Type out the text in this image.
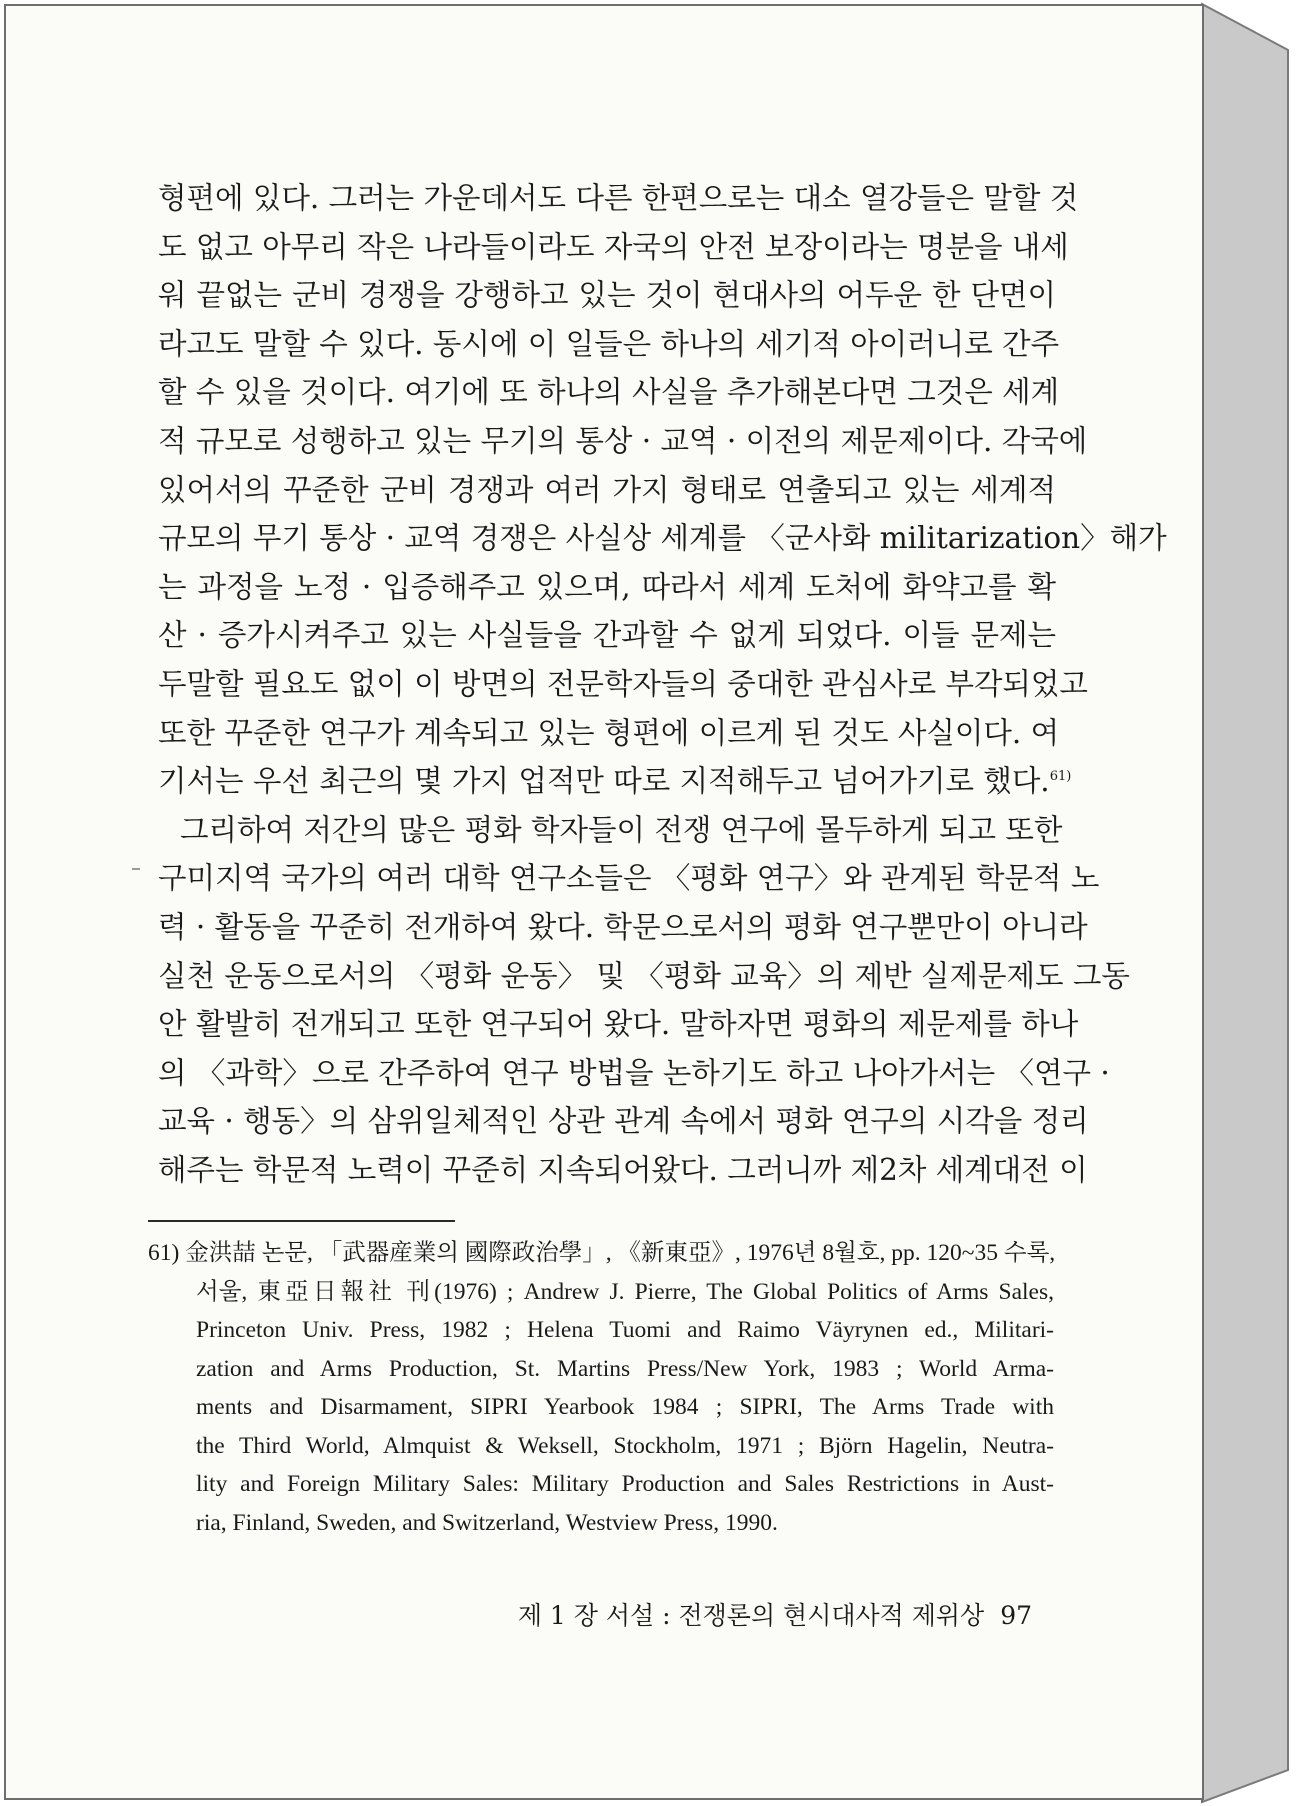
형편에 있다. 그러는 가운데서도 다른 한편으로는 대소 열강들은 말할 것
도 없고 아무리 작은 나라들이라도 자국의 안전 보장이라는 명분을 내세
워 끝없는 군비 경쟁을 강행하고 있는 것이 현대사의 어두운 한 단면이
라고도 말할 수 있다. 동시에 이 일들은 하나의 세기적 아이러니로 간주
할 수 있을 것이다. 여기에 또 하나의 사실을 추가해본다면 그것은 세계
적 규모로 성행하고 있는 무기의 통상 · 교역 · 이전의 제문제이다. 각국에
있어서의 꾸준한 군비 경쟁과 여러 가지 형태로 연출되고 있는 세계적
규모의 무기 통상 · 교역 경쟁은 사실상 세계를 〈군사화 militarization〉해가
는 과정을 노정 · 입증해주고 있으며, 따라서 세계 도처에 화약고를 확
산 · 증가시켜주고 있는 사실들을 간과할 수 없게 되었다. 이들 문제는
두말할 필요도 없이 이 방면의 전문학자들의 중대한 관심사로 부각되었고
또한 꾸준한 연구가 계속되고 있는 형편에 이르게 된 것도 사실이다. 여
기서는 우선 최근의 몇 가지 업적만 따로 지적해두고 넘어가기로 했다.$^{61)}$
그리하여 저간의 많은 평화 학자들이 전쟁 연구에 몰두하게 되고 또한
구미지역 국가의 여러 대학 연구소들은 〈평화 연구〉와 관계된 학문적 노
력 · 활동을 꾸준히 전개하여 왔다. 학문으로서의 평화 연구뿐만이 아니라
실천 운동으로서의 〈평화 운동〉 및 〈평화 교육〉의 제반 실제문제도 그동
안 활발히 전개되고 또한 연구되어 왔다. 말하자면 평화의 제문제를 하나
의 〈과학〉으로 간주하여 연구 방법을 논하기도 하고 나아가서는 〈연구 ·
교육 · 행동〉의 삼위일체적인 상관 관계 속에서 평화 연구의 시각을 정리
해주는 학문적 노력이 꾸준히 지속되어왔다. 그러니까 제2차 세계대전 이
61) 金洪喆 논문, 「武器産業의 國際政治學」, 《新東亞》, 1976년 8월호, pp. 120~35 수록,
서울, 東亞日報社 刊(1976) ; Andrew J. Pierre, The Global Politics of Arms Sales,
Princeton Univ. Press, 1982 ; Helena Tuomi and Raimo Väyrynen ed., Militari-
zation and Arms Production, St. Martins Press/New York, 1983 ; World Arma-
ments and Disarmament, SIPRI Yearbook 1984 ; SIPRI, The Arms Trade with
the Third World, Almquist & Weksell, Stockholm, 1971 ; Björn Hagelin, Neutra-
lity and Foreign Military Sales: Military Production and Sales Restrictions in Aust-
ria, Finland, Sweden, and Switzerland, Westview Press, 1990.
제 1 장 서설 : 전쟁론의 현시대사적 제위상 97
